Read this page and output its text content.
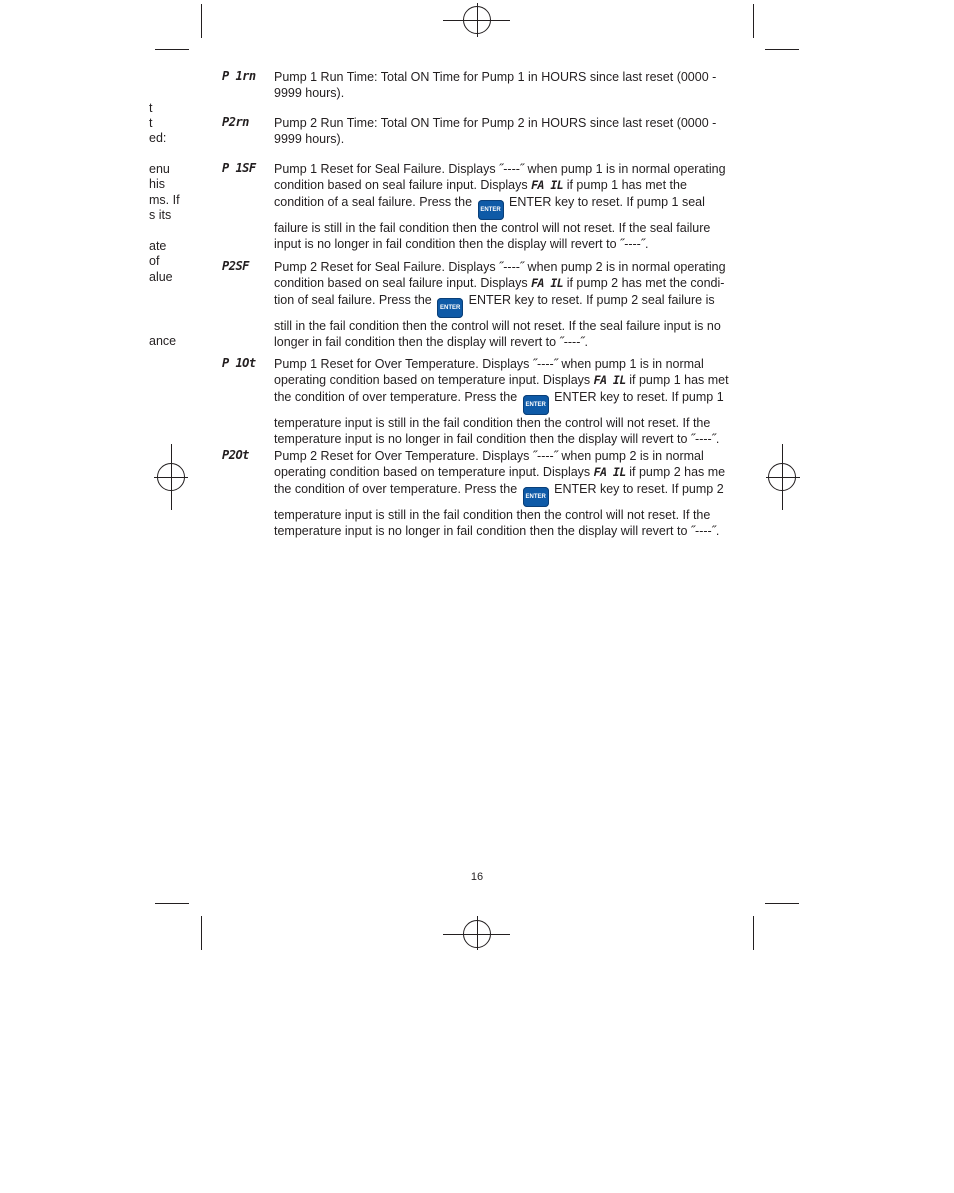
t
t
ed:
enu
his
ms. If
s its
ate
of
alue
ance
P 1rn Pump 1 Run Time: Total ON Time for Pump 1 in HOURS since last reset (0000 - 9999 hours).
P2rn Pump 2 Run Time: Total ON Time for Pump 2 in HOURS since last reset (0000 - 9999 hours).
P 1SF Pump 1 Reset for Seal Failure. Displays ˝----˝ when pump 1 is in normal operating condition based on seal failure input. Displays FA IL if pump 1 has met the condition of a seal failure. Press the ENTER ENTER key to reset. If pump 1 seal failure is still in the fail condition then the control will not reset. If the seal failure input is no longer in fail condition then the display will revert to ˝----˝.
P2SF Pump 2 Reset for Seal Failure. Displays ˝----˝ when pump 2 is in normal operating condition based on seal failure input. Displays FA IL if pump 2 has met the condi-tion of seal failure. Press the ENTER ENTER key to reset. If pump 2 seal failure is still in the fail condition then the control will not reset. If the seal failure input is no longer in fail condition then the display will revert to ˝----˝.
P 1Ot Pump 1 Reset for Over Temperature. Displays ˝----˝ when pump 1 is in normal operating condition based on temperature input. Displays FA IL if pump 1 has met the condition of over temperature. Press the ENTER ENTER key to reset. If pump 1 temperature input is still in the fail condition then the control will not reset. If the temperature input is no longer in fail condition then the display will revert to ˝----˝.
P2Ot Pump 2 Reset for Over Temperature. Displays ˝----˝ when pump 2 is in normal operating condition based on temperature input. Displays FA IL if pump 2 has me the condition of over temperature. Press the ENTER ENTER key to reset. If pump 2 temperature input is still in the fail condition then the control will not reset. If the temperature input is no longer in fail condition then the display will revert to ˝----˝.
16
